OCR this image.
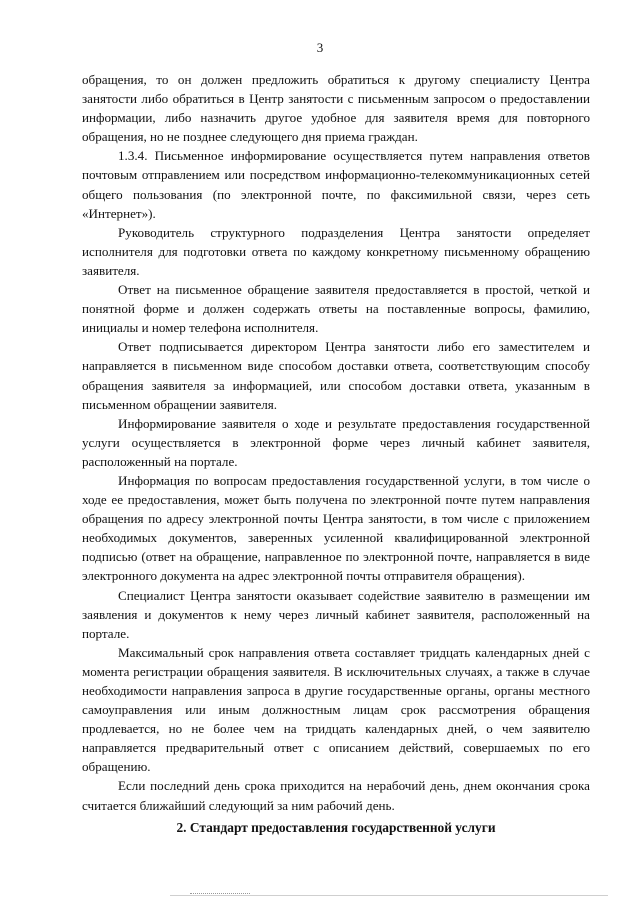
3

обращения, то он должен предложить обратиться к другому специалисту Центра занятости либо обратиться в Центр занятости с письменным запросом о предоставлении информации, либо назначить другое удобное для заявителя время для повторного обращения, но не позднее следующего дня приема граждан.

1.3.4. Письменное информирование осуществляется путем направления ответов почтовым отправлением или посредством информационно-телекоммуникационных сетей общего пользования (по электронной почте, по факсимильной связи, через сеть «Интернет»).

Руководитель структурного подразделения Центра занятости определяет исполнителя для подготовки ответа по каждому конкретному письменному обращению заявителя.

Ответ на письменное обращение заявителя предоставляется в простой, четкой и понятной форме и должен содержать ответы на поставленные вопросы, фамилию, инициалы и номер телефона исполнителя.

Ответ подписывается директором Центра занятости либо его заместителем и направляется в письменном виде способом доставки ответа, соответствующим способу обращения заявителя за информацией, или способом доставки ответа, указанным в письменном обращении заявителя.

Информирование заявителя о ходе и результате предоставления государственной услуги осуществляется в электронной форме через личный кабинет заявителя, расположенный на портале.

Информация по вопросам предоставления государственной услуги, в том числе о ходе ее предоставления, может быть получена по электронной почте путем направления обращения по адресу электронной почты Центра занятости, в том числе с приложением необходимых документов, заверенных усиленной квалифицированной электронной подписью (ответ на обращение, направленное по электронной почте, направляется в виде электронного документа на адрес электронной почты отправителя обращения).

Специалист Центра занятости оказывает содействие заявителю в размещении им заявления и документов к нему через личный кабинет заявителя, расположенный на портале.

Максимальный срок направления ответа составляет тридцать календарных дней с момента регистрации обращения заявителя. В исключительных случаях, а также в случае необходимости направления запроса в другие государственные органы, органы местного самоуправления или иным должностным лицам срок рассмотрения обращения продлевается, но не более чем на тридцать календарных дней, о чем заявителю направляется предварительный ответ с описанием действий, совершаемых по его обращению.

Если последний день срока приходится на нерабочий день, днем окончания срока считается ближайший следующий за ним рабочий день.

2. Стандарт предоставления государственной услуги
